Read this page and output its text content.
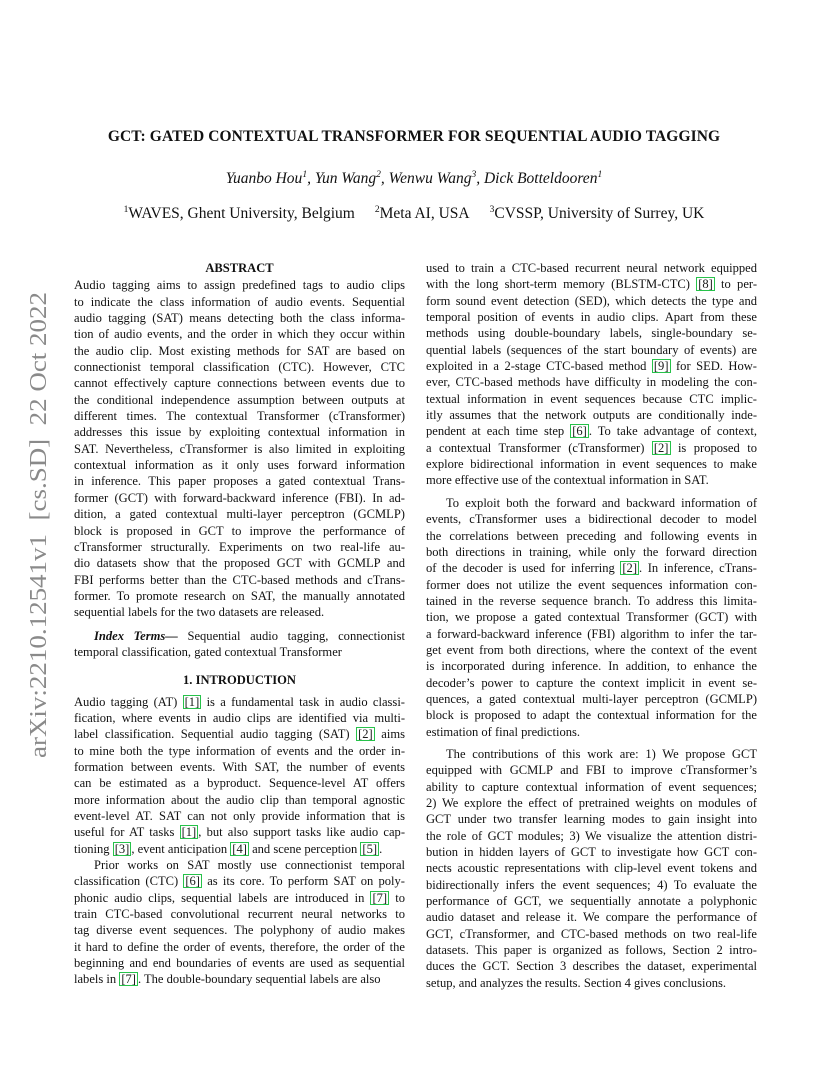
arXiv:2210.12541v1  [cs.SD]  22 Oct 2022
GCT: GATED CONTEXTUAL TRANSFORMER FOR SEQUENTIAL AUDIO TAGGING
Yuanbo Hou$^1$, Yun Wang$^2$, Wenwu Wang$^3$, Dick Botteldooren$^1$
$^1$WAVES, Ghent University, Belgium $^2$Meta AI, USA $^3$CVSSP, University of Surrey, UK
ABSTRACT
Audio tagging aims to assign predefined tags to audio clips
to indicate the class information of audio events. Sequential
audio tagging (SAT) means detecting both the class informa-
tion of audio events, and the order in which they occur within
the audio clip. Most existing methods for SAT are based on
connectionist temporal classification (CTC). However, CTC
cannot effectively capture connections between events due to
the conditional independence assumption between outputs at
different times. The contextual Transformer (cTransformer)
addresses this issue by exploiting contextual information in
SAT. Nevertheless, cTransformer is also limited in exploiting
contextual information as it only uses forward information
in inference. This paper proposes a gated contextual Trans-
former (GCT) with forward-backward inference (FBI). In ad-
dition, a gated contextual multi-layer perceptron (GCMLP)
block is proposed in GCT to improve the performance of
cTransformer structurally. Experiments on two real-life au-
dio datasets show that the proposed GCT with GCMLP and
FBI performs better than the CTC-based methods and cTrans-
former. To promote research on SAT, the manually annotated
sequential labels for the two datasets are released.

Index Terms— Sequential audio tagging, connectionist temporal classification, gated contextual Transformer

1. INTRODUCTION
Audio tagging (AT) [1] is a fundamental task in audio classi-
fication, where events in audio clips are identified via multi-
label classification. Sequential audio tagging (SAT) [2] aims
to mine both the type information of events and the order in-
formation between events. With SAT, the number of events
can be estimated as a byproduct. Sequence-level AT offers
more information about the audio clip than temporal agnostic
event-level AT. SAT can not only provide information that is
useful for AT tasks [1] , but also support tasks like audio cap-
tioning [3] , event anticipation [4] and scene perception [5] .
Prior works on SAT mostly use connectionist temporal
classification (CTC) [6] as its core. To perform SAT on poly-
phonic audio clips, sequential labels are introduced in [7] to
train CTC-based convolutional recurrent neural networks to
tag diverse event sequences. The polyphony of audio makes
it hard to define the order of events, therefore, the order of the
beginning and end boundaries of events are used as sequential
labels in [7] . The double-boundary sequential labels are also
used to train a CTC-based recurrent neural network equipped
with the long short-term memory (BLSTM-CTC) [8] to per-
form sound event detection (SED), which detects the type and
temporal position of events in audio clips. Apart from these
methods using double-boundary labels, single-boundary se-
quential labels (sequences of the start boundary of events) are
exploited in a 2-stage CTC-based method [9] for SED. How-
ever, CTC-based methods have difficulty in modeling the con-
textual information in event sequences because CTC implic-
itly assumes that the network outputs are conditionally inde-
pendent at each time step [6] . To take advantage of context,
a contextual Transformer (cTransformer) [2] is proposed to
explore bidirectional information in event sequences to make
more effective use of the contextual information in SAT.
To exploit both the forward and backward information of
events, cTransformer uses a bidirectional decoder to model
the correlations between preceding and following events in
both directions in training, while only the forward direction
of the decoder is used for inferring [2] . In inference, cTrans-
former does not utilize the event sequences information con-
tained in the reverse sequence branch. To address this limita-
tion, we propose a gated contextual Transformer (GCT) with
a forward-backward inference (FBI) algorithm to infer the tar-
get event from both directions, where the context of the event
is incorporated during inference. In addition, to enhance the
decoder’s power to capture the context implicit in event se-
quences, a gated contextual multi-layer perceptron (GCMLP)
block is proposed to adapt the contextual information for the
estimation of final predictions.
The contributions of this work are: 1) We propose GCT
equipped with GCMLP and FBI to improve cTransformer’s
ability to capture contextual information of event sequences;
2) We explore the effect of pretrained weights on modules of
GCT under two transfer learning modes to gain insight into
the role of GCT modules; 3) We visualize the attention distri-
bution in hidden layers of GCT to investigate how GCT con-
nects acoustic representations with clip-level event tokens and
bidirectionally infers the event sequences; 4) To evaluate the
performance of GCT, we sequentially annotate a polyphonic
audio dataset and release it. We compare the performance of
GCT, cTransformer, and CTC-based methods on two real-life
datasets. This paper is organized as follows, Section 2 intro-
duces the GCT. Section 3 describes the dataset, experimental
setup, and analyzes the results. Section 4 gives conclusions.
